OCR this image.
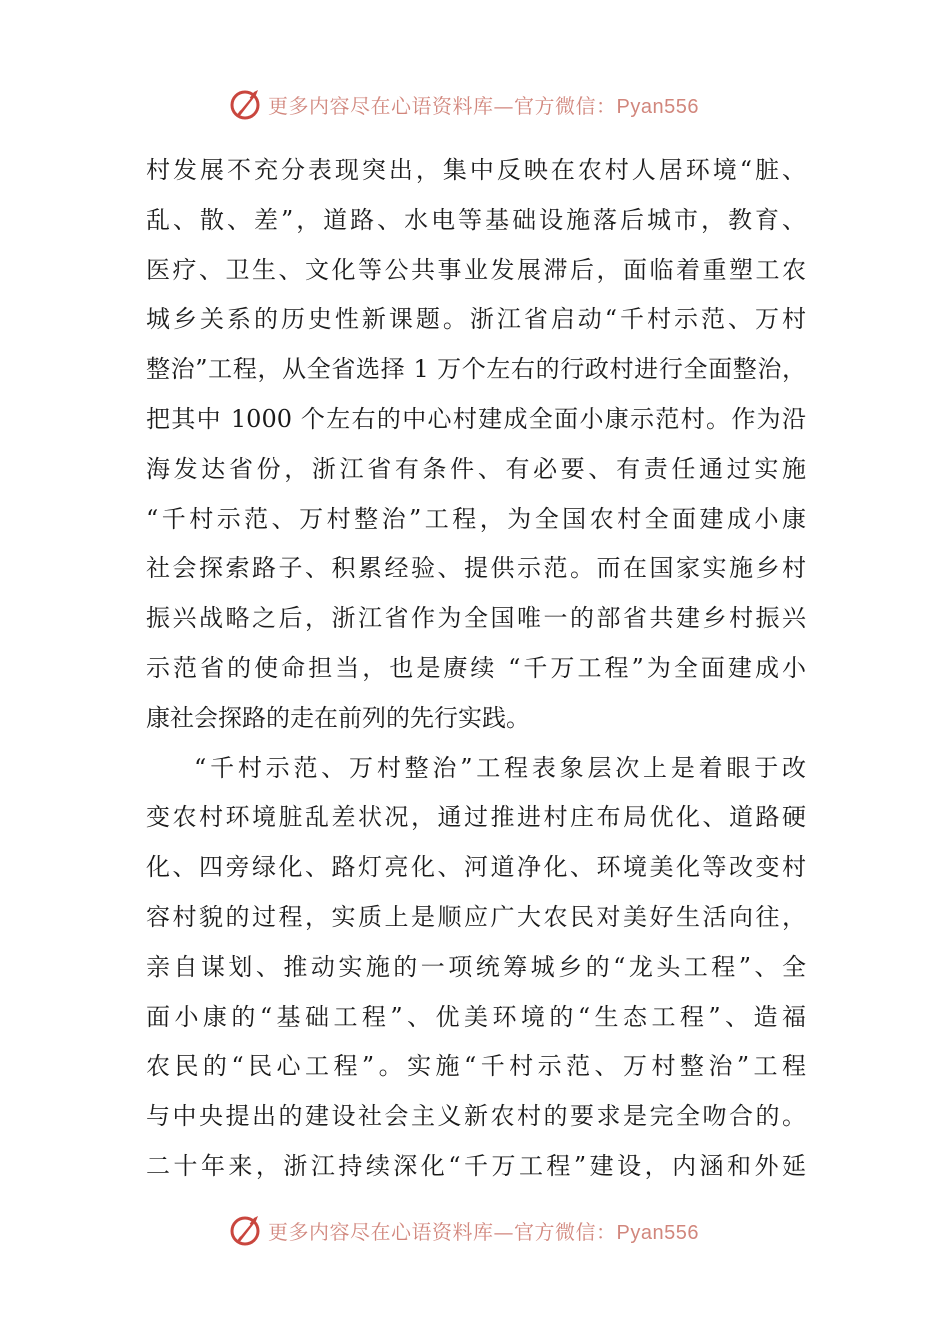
更多内容尽在心语资料库—官方微信：Pyan556
村发展不充分表现突出，集中反映在农村人居环境“脏、
乱、散、差”，道路、水电等基础设施落后城市，教育、
医疗、卫生、文化等公共事业发展滞后，面临着重塑工农
城乡关系的历史性新课题。浙江省启动“千村示范、万村
整治”工程，从全省选择 1 万个左右的行政村进行全面整治，
把其中 1000 个左右的中心村建成全面小康示范村。作为沿
海发达省份，浙江省有条件、有必要、有责任通过实施
“千村示范、万村整治”工程，为全国农村全面建成小康
社会探索路子、积累经验、提供示范。而在国家实施乡村
振兴战略之后，浙江省作为全国唯一的部省共建乡村振兴
示范省的使命担当，也是赓续 “千万工程”为全面建成小
康社会探路的走在前列的先行实践。
“千村示范、万村整治”工程表象层次上是着眼于改
变农村环境脏乱差状况，通过推进村庄布局优化、道路硬
化、四旁绿化、路灯亮化、河道净化、环境美化等改变村
容村貌的过程，实质上是顺应广大农民对美好生活向往，
亲自谋划、推动实施的一项统筹城乡的“龙头工程”、全
面小康的“基础工程”、优美环境的“生态工程”、造福
农民的“民心工程”。实施“千村示范、万村整治”工程
与中央提出的建设社会主义新农村的要求是完全吻合的。
二十年来，浙江持续深化“千万工程”建设，内涵和外延
更多内容尽在心语资料库—官方微信：Pyan556
